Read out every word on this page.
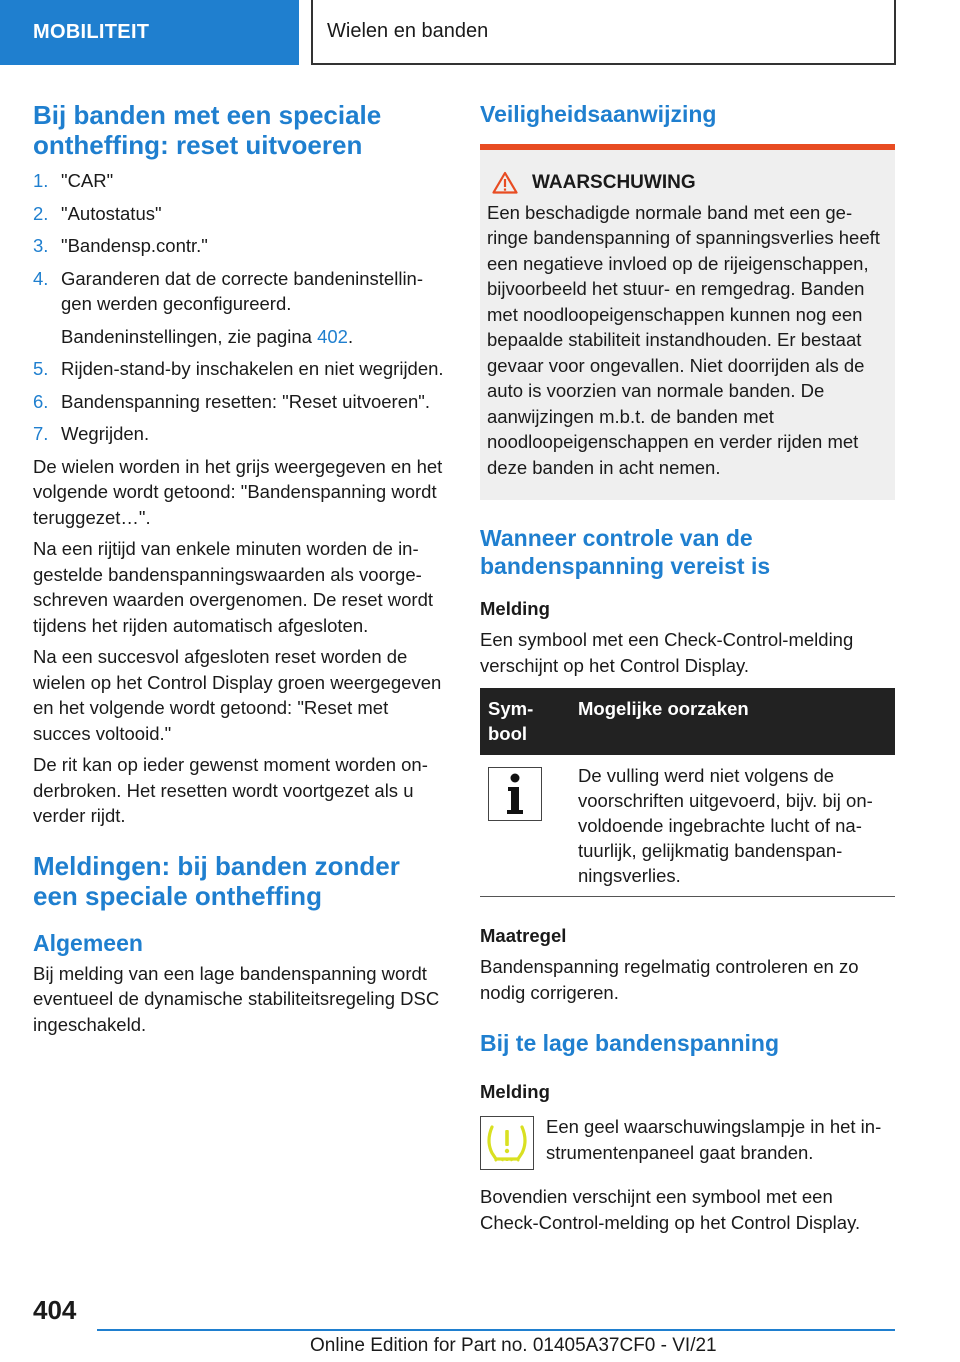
MOBILITEIT	Wielen en banden
Bij banden met een speciale ontheffing: reset uitvoeren
1. "CAR"
2. "Autostatus"
3. "Bandensp.contr."
4. Garanderen dat de correcte bandeninstellingen werden geconfigureerd.

Bandeninstellingen, zie pagina 402.

5. Rijden-stand-by inschakelen en niet wegrijden.
6. Bandenspanning resetten: "Reset uitvoeren".
7. Wegrijden.

De wielen worden in het grijs weergegeven en het volgende wordt getoond: "Bandenspanning wordt teruggezet…".

Na een rijtijd van enkele minuten worden de ingestelde bandenspanningswaarden als voorgeschreven waarden overgenomen. De reset wordt tijdens het rijden automatisch afgesloten.

Na een succesvol afgesloten reset worden de wielen op het Control Display groen weergegeven en het volgende wordt getoond: "Reset met succes voltooid."

De rit kan op ieder gewenst moment worden onderbroken. Het resetten wordt voortgezet als u verder rijdt.

Meldingen: bij banden zonder een speciale ontheffing
Algemeen

Bij melding van een lage bandenspanning wordt eventueel de dynamische stabiliteitsregeling DSC ingeschakeld.

Veiligheidsaanwijzing
WAARSCHUWING

Een beschadigde normale band met een geringe bandenspanning of spanningsverlies heeft een negatieve invloed op de rijeigenschappen, bijvoorbeeld het stuur- en remgedrag. Banden met noodloopeigenschappen kunnen nog een bepaalde stabiliteit instandhouden. Er bestaat gevaar voor ongevallen. Niet doorrijden als de auto is voorzien van normale banden. De aanwijzingen m.b.t. de banden met noodloopeigenschappen en verder rijden met deze banden in acht nemen.

Wanneer controle van de bandenspanning vereist is
Melding

Een symbool met een Check-Control-melding verschijnt op het Control Display.

Symbool	Mogelijke oorzaken

	De vulling werd niet volgens de voorschriften uitgevoerd, bijv. bij onvoldoende ingebrachte lucht of natuurlijk, gelijkmatig bandenspanningsverlies.
Maatregel

Bandenspanning regelmatig controleren en zo nodig corrigeren.

Bij te lage bandenspanning
Melding

Een geel waarschuwingslampje in het instrumentenpaneel gaat branden.

Bovendien verschijnt een symbool met een Check-Control-melding op het Control Display.

404
Online Edition for Part no. 01405A37CF0 - VI/21
